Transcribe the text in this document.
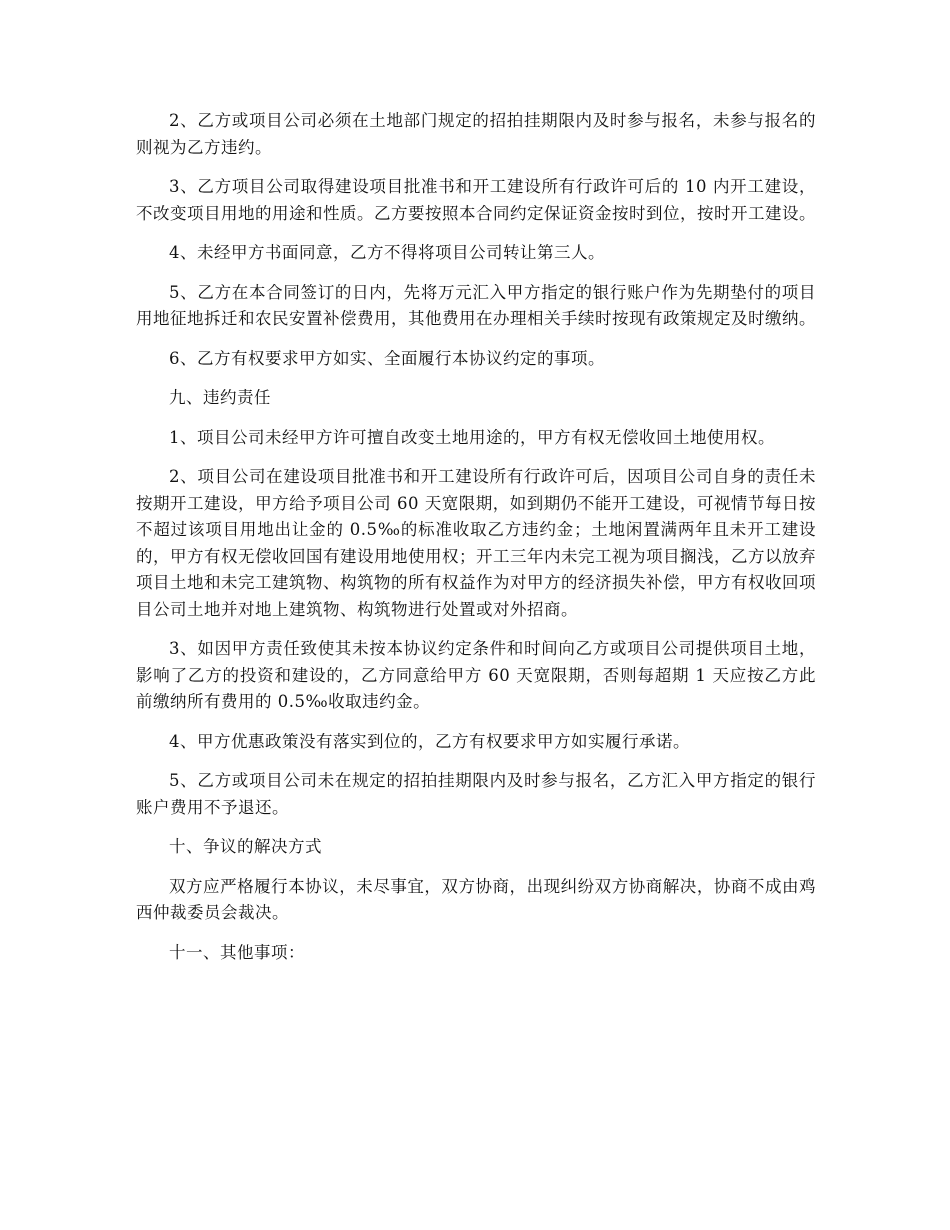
2、乙方或项目公司必须在土地部门规定的招拍挂期限内及时参与报名，未参与报名的则视为乙方违约。

3、乙方项目公司取得建设项目批准书和开工建设所有行政许可后的 10 内开工建设，不改变项目用地的用途和性质。乙方要按照本合同约定保证资金按时到位，按时开工建设。

4、未经甲方书面同意，乙方不得将项目公司转让第三人。

5、乙方在本合同签订的日内，先将万元汇入甲方指定的银行账户作为先期垫付的项目用地征地拆迁和农民安置补偿费用，其他费用在办理相关手续时按现有政策规定及时缴纳。

6、乙方有权要求甲方如实、全面履行本协议约定的事项。

九、违约责任

1、项目公司未经甲方许可擅自改变土地用途的，甲方有权无偿收回土地使用权。

2、项目公司在建设项目批准书和开工建设所有行政许可后，因项目公司自身的责任未按期开工建设，甲方给予项目公司 60 天宽限期，如到期仍不能开工建设，可视情节每日按不超过该项目用地出让金的 0.5‰的标准收取乙方违约金；土地闲置满两年且未开工建设的，甲方有权无偿收回国有建设用地使用权；开工三年内未完工视为项目搁浅，乙方以放弃项目土地和未完工建筑物、构筑物的所有权益作为对甲方的经济损失补偿，甲方有权收回项目公司土地并对地上建筑物、构筑物进行处置或对外招商。

3、如因甲方责任致使其未按本协议约定条件和时间向乙方或项目公司提供项目土地，影响了乙方的投资和建设的，乙方同意给甲方 60 天宽限期，否则每超期 1 天应按乙方此前缴纳所有费用的 0.5‰收取违约金。

4、甲方优惠政策没有落实到位的，乙方有权要求甲方如实履行承诺。

5、乙方或项目公司未在规定的招拍挂期限内及时参与报名，乙方汇入甲方指定的银行账户费用不予退还。

十、争议的解决方式

双方应严格履行本协议，未尽事宜，双方协商，出现纠纷双方协商解决，协商不成由鸡西仲裁委员会裁决。

十一、其他事项：
